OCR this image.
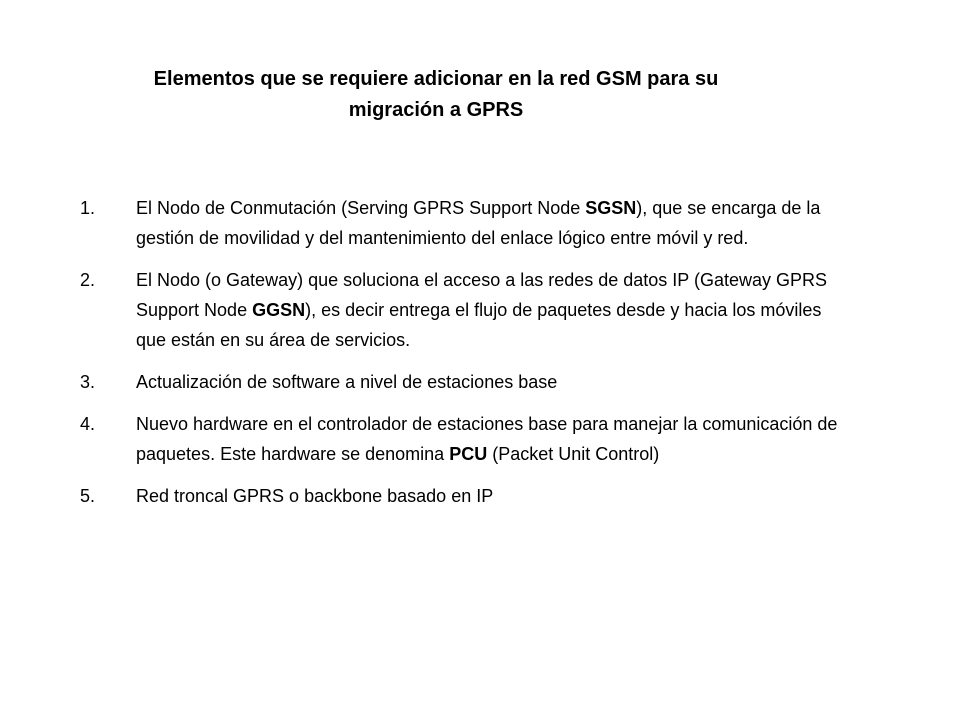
Elementos que se requiere adicionar en la red GSM para su
migración a GPRS
1.	El Nodo de Conmutación (Serving GPRS Support Node SGSN), que se encarga de la gestión de movilidad y del mantenimiento del enlace lógico entre móvil y red.
2.	El Nodo (o Gateway) que soluciona el acceso a las redes de datos IP (Gateway GPRS Support Node GGSN), es decir entrega el flujo de paquetes desde y hacia los móviles que están en su área de servicios.
3.	Actualización de software a nivel de estaciones base
4.	Nuevo hardware en el controlador de estaciones base para manejar la comunicación de paquetes. Este hardware se denomina PCU (Packet Unit Control)
5.	Red troncal GPRS o backbone basado en IP
